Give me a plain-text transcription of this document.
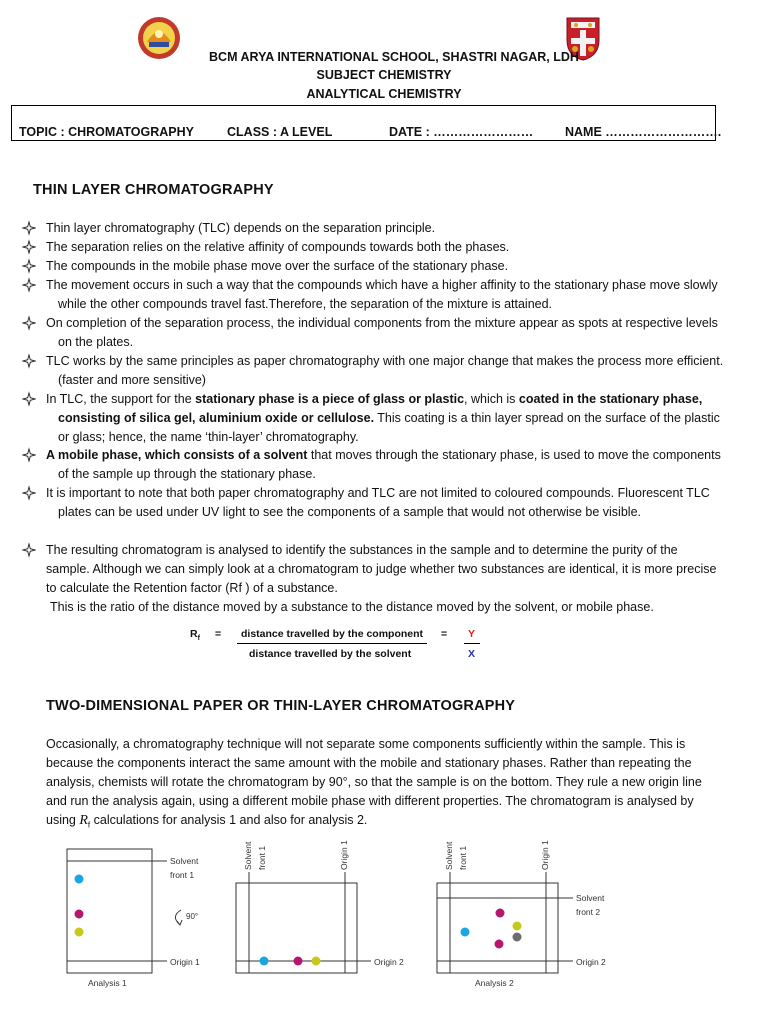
BCM ARYA INTERNATIONAL SCHOOL, SHASTRI NAGAR, LDH
SUBJECT CHEMISTRY
ANALYTICAL CHEMISTRY
TOPIC : CHROMATOGRAPHY	CLASS : A LEVEL	DATE : ……………………	NAME ……………………….
THIN LAYER CHROMATOGRAPHY
Thin layer chromatography (TLC) depends on the separation principle.
The separation relies on the relative affinity of compounds towards both the phases.
The compounds in the mobile phase move over the surface of the stationary phase.
The movement occurs in such a way that the compounds which have a higher affinity to the stationary phase move slowly while the other compounds travel fast.Therefore, the separation of the mixture is attained.
On completion of the separation process, the individual components from the mixture appear as spots at respective levels on the plates.
TLC works by the same principles as paper chromatography with one major change that makes the process more efficient. (faster and more sensitive)
In TLC, the support for the stationary phase is a piece of glass or plastic, which is coated in the stationary phase, consisting of silica gel, aluminium oxide or cellulose. This coating is a thin layer spread on the surface of the plastic or glass; hence, the name ‘thin-layer’ chromatography.
A mobile phase, which consists of a solvent that moves through the stationary phase, is used to move the components of the sample up through the stationary phase.
It is important to note that both paper chromatography and TLC are not limited to coloured compounds. Fluorescent TLC plates can be used under UV light to see the components of a sample that would not otherwise be visible.
The resulting chromatogram is analysed to identify the substances in the sample and to determine the purity of the sample. Although we can simply look at a chromatogram to judge whether two substances are identical, it is more precise to calculate the Retention factor (Rf ) of a substance.
This is the ratio of the distance moved by a substance to the distance moved by the solvent, or mobile phase.
$R_f$ = distance travelled by the component
distance travelled by the solvent
= Y
X
TWO-DIMENSIONAL PAPER OR THIN-LAYER CHROMATOGRAPHY
Occasionally, a chromatography technique will not separate some components sufficiently within the sample. This is because the components interact the same amount with the mobile and stationary phases. Rather than repeating the analysis, chemists will rotate the chromatogram by 90°, so that the sample is on the bottom. They rule a new origin line and run the analysis again, using a different mobile phase with different properties. The chromatogram is analysed by using $R_f$ calculations for analysis 1 and also for analysis 2.
90°
Solvent
front 1
Origin 1
Analysis 1
Solvent front 1	Origin 1
Origin 2
Solvent front 1	Origin 1
Solvent
front 2
Origin 2
Analysis 2
